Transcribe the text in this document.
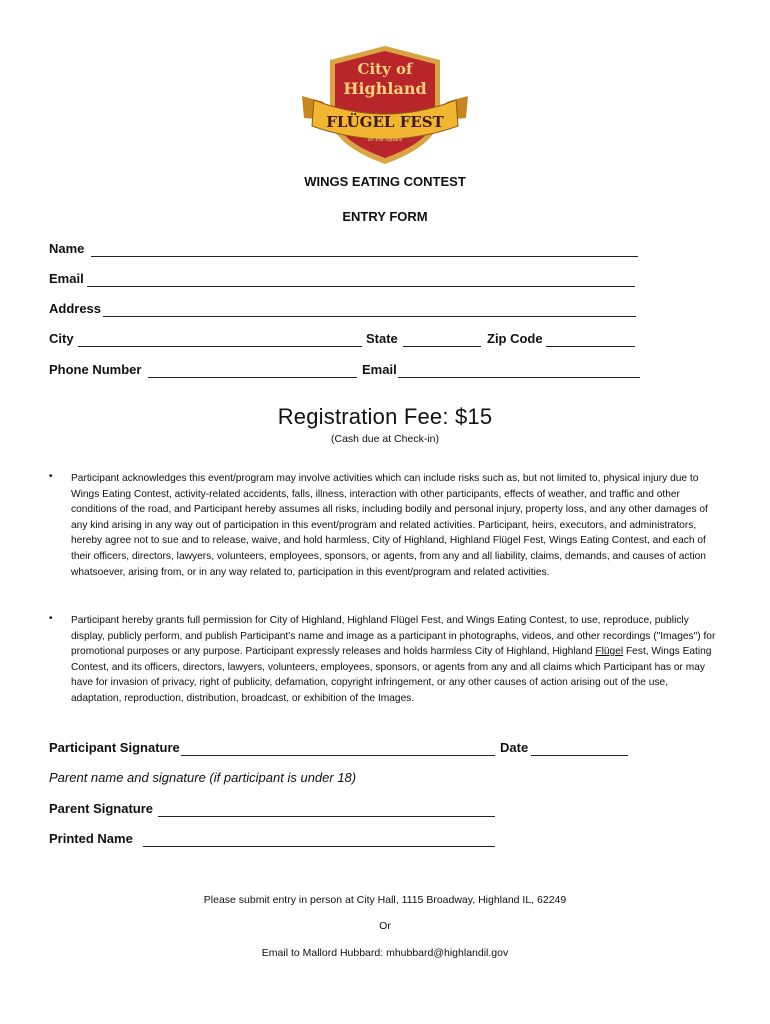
City of
Highland
FLÜGEL FEST
on the square
WINGS EATING CONTEST
ENTRY FORM
Name
Email
Address
City	State	Zip Code
Phone Number	Email
Registration Fee: $15
(Cash due at Check-in)
• Participant acknowledges this event/program may involve activities which can include risks such as, but not limited to, physical injury due to Wings Eating Contest, activity-related accidents, falls, illness, interaction with other participants, effects of weather, and traffic and other conditions of the road, and Participant hereby assumes all risks, including bodily and personal injury, property loss, and any other damages of any kind arising in any way out of participation in this event/program and related activities. Participant, heirs, executors, and administrators, hereby agree not to sue and to release, waive, and hold harmless, City of Highland, Highland Flügel Fest, Wings Eating Contest, and each of their officers, directors, lawyers, volunteers, employees, sponsors, or agents, from any and all liability, claims, demands, and causes of action whatsoever, arising from, or in any way related to, participation in this event/program and related activities.
• Participant hereby grants full permission for City of Highland, Highland Flügel Fest, and Wings Eating Contest, to use, reproduce, publicly display, publicly perform, and publish Participant's name and image as a participant in photographs, videos, and other recordings ("Images") for promotional purposes or any purpose. Participant expressly releases and holds harmless City of Highland, Highland Flügel Fest, Wings Eating Contest, and its officers, directors, lawyers, volunteers, employees, sponsors, or agents from any and all claims which Participant has or may have for invasion of privacy, right of publicity, defamation, copyright infringement, or any other causes of action arising out of the use, adaptation, reproduction, distribution, broadcast, or exhibition of the Images.
Participant Signature	Date
Parent name and signature (if participant is under 18)
Parent Signature
Printed Name
Please submit entry in person at City Hall, 1115 Broadway, Highland IL, 62249
Or
Email to Mallord Hubbard: mhubbard@highlandil.gov
